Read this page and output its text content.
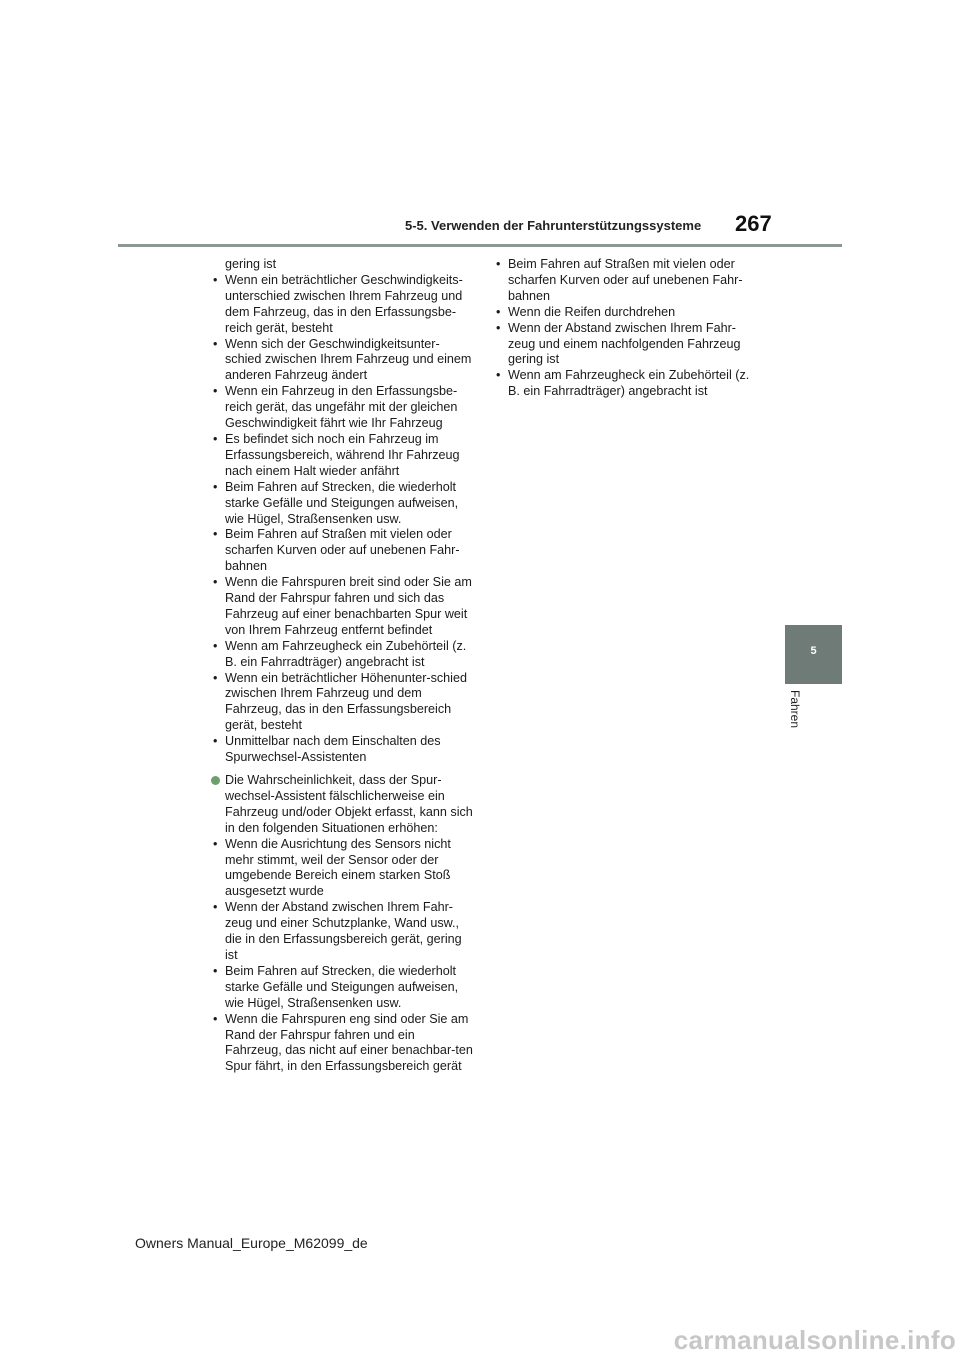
5-5. Verwenden der Fahrunterstützungssysteme 267
5
Fahren
gering ist
• Wenn ein beträchtlicher Geschwindigkeits-unterschied zwischen Ihrem Fahrzeug und dem Fahrzeug, das in den Erfassungsbe-reich gerät, besteht
• Wenn sich der Geschwindigkeitsunter-schied zwischen Ihrem Fahrzeug und einem anderen Fahrzeug ändert
• Wenn ein Fahrzeug in den Erfassungsbe-reich gerät, das ungefähr mit der gleichen Geschwindigkeit fährt wie Ihr Fahrzeug
• Es befindet sich noch ein Fahrzeug im Erfassungsbereich, während Ihr Fahrzeug nach einem Halt wieder anfährt
• Beim Fahren auf Strecken, die wiederholt starke Gefälle und Steigungen aufweisen, wie Hügel, Straßensenken usw.
• Beim Fahren auf Straßen mit vielen oder scharfen Kurven oder auf unebenen Fahr-bahnen
• Wenn die Fahrspuren breit sind oder Sie am Rand der Fahrspur fahren und sich das Fahrzeug auf einer benachbarten Spur weit von Ihrem Fahrzeug entfernt befindet
• Wenn am Fahrzeugheck ein Zubehörteil (z. B. ein Fahrradträger) angebracht ist
• Wenn ein beträchtlicher Höhenunter-schied zwischen Ihrem Fahrzeug und dem Fahrzeug, das in den Erfassungsbereich gerät, besteht
• Unmittelbar nach dem Einschalten des Spurwechsel-Assistenten
Die Wahrscheinlichkeit, dass der Spur-wechsel-Assistent fälschlicherweise ein Fahrzeug und/oder Objekt erfasst, kann sich in den folgenden Situationen erhöhen:
• Wenn die Ausrichtung des Sensors nicht mehr stimmt, weil der Sensor oder der umgebende Bereich einem starken Stoß ausgesetzt wurde
• Wenn der Abstand zwischen Ihrem Fahr-zeug und einer Schutzplanke, Wand usw., die in den Erfassungsbereich gerät, gering ist
• Beim Fahren auf Strecken, die wiederholt starke Gefälle und Steigungen aufweisen, wie Hügel, Straßensenken usw.
• Wenn die Fahrspuren eng sind oder Sie am Rand der Fahrspur fahren und ein Fahrzeug, das nicht auf einer benachbar-ten Spur fährt, in den Erfassungsbereich gerät
• Beim Fahren auf Straßen mit vielen oder scharfen Kurven oder auf unebenen Fahr-bahnen
• Wenn die Reifen durchdrehen
• Wenn der Abstand zwischen Ihrem Fahr-zeug und einem nachfolgenden Fahrzeug gering ist
• Wenn am Fahrzeugheck ein Zubehörteil (z. B. ein Fahrradträger) angebracht ist
Owners Manual_Europe_M62099_de
carmanualsonline.info
